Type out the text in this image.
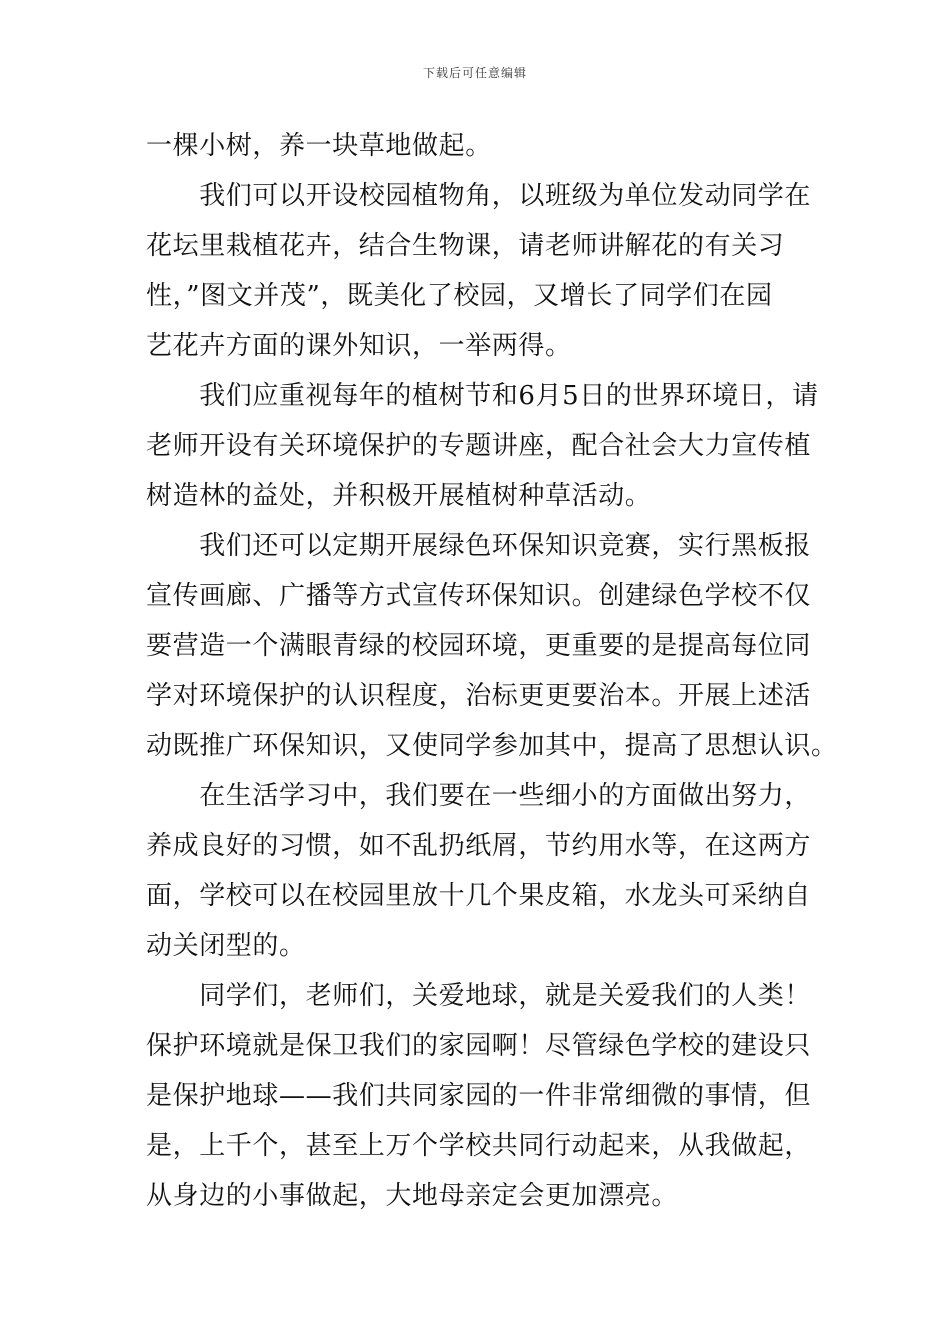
下载后可任意编辑
一棵小树，养一块草地做起。
　　我们可以开设校园植物角，以班级为单位发动同学在
花坛里栽植花卉，结合生物课，请老师讲解花的有关习
性，”图文并茂”，既美化了校园，又增长了同学们在园
艺花卉方面的课外知识，一举两得。
　　我们应重视每年的植树节和6月5日的世界环境日，请
老师开设有关环境保护的专题讲座，配合社会大力宣传植
树造林的益处，并积极开展植树种草活动。
　　我们还可以定期开展绿色环保知识竞赛，实行黑板报
宣传画廊、广播等方式宣传环保知识。创建绿色学校不仅
要营造一个满眼青绿的校园环境，更重要的是提高每位同
学对环境保护的认识程度，治标更更要治本。开展上述活
动既推广环保知识，又使同学参加其中，提高了思想认识。
　　在生活学习中，我们要在一些细小的方面做出努力，
养成良好的习惯，如不乱扔纸屑，节约用水等，在这两方
面，学校可以在校园里放十几个果皮箱，水龙头可采纳自
动关闭型的。
　　同学们，老师们，关爱地球，就是关爱我们的人类！
保护环境就是保卫我们的家园啊！尽管绿色学校的建设只
是保护地球——我们共同家园的一件非常细微的事情，但
是，上千个，甚至上万个学校共同行动起来，从我做起，
从身边的小事做起，大地母亲定会更加漂亮。
